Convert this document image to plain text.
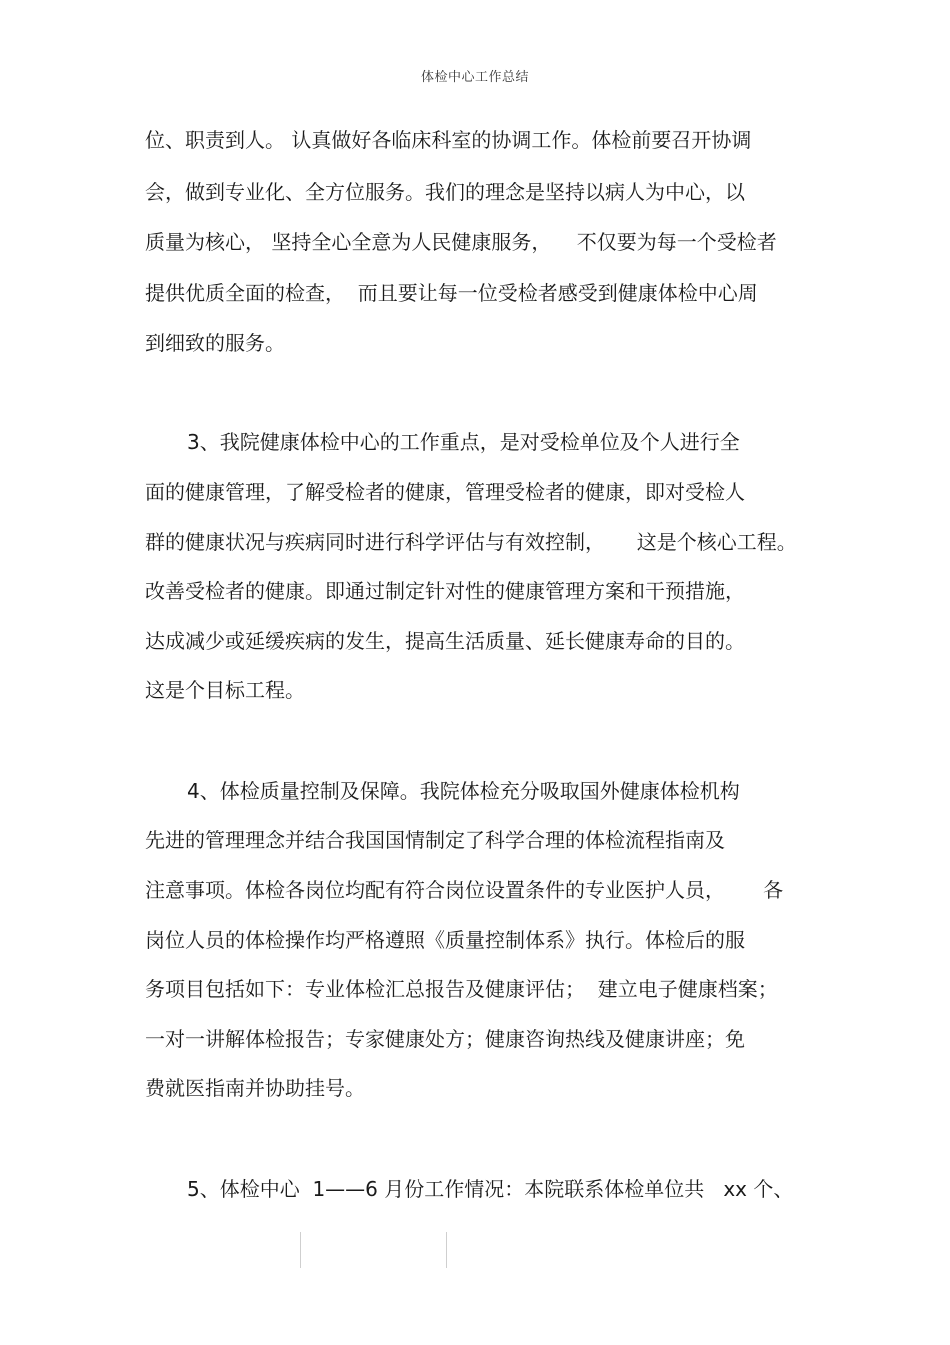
体检中心工作总结
位、职责到人。 认真做好各临床科室的协调工作。体检前要召开协调
会，做到专业化、全方位服务。我们的理念是坚持以病人为中心，以
质量为核心， 坚持全心全意为人民健康服务，    不仅要为每一个受检者
提供优质全面的检查，  而且要让每一位受检者感受到健康体检中心周
到细致的服务。
3、我院健康体检中心的工作重点，是对受检单位及个人进行全
面的健康管理，了解受检者的健康，管理受检者的健康，即对受检人
群的健康状况与疾病同时进行科学评估与有效控制，     这是个核心工程。
改善受检者的健康。即通过制定针对性的健康管理方案和干预措施，
达成减少或延缓疾病的发生，提高生活质量、延长健康寿命的目的。
这是个目标工程。
4、体检质量控制及保障。我院体检充分吸取国外健康体检机构
先进的管理理念并结合我国国情制定了科学合理的体检流程指南及
注意事项。体检各岗位均配有符合岗位设置条件的专业医护人员，      各
岗位人员的体检操作均严格遵照《质量控制体系》执行。体检后的服
务项目包括如下：专业体检汇总报告及健康评估；  建立电子健康档案；
一对一讲解体检报告；专家健康处方；健康咨询热线及健康讲座；免
费就医指南并协助挂号。
5、体检中心  1——6 月份工作情况：本院联系体检单位共   xx 个、
